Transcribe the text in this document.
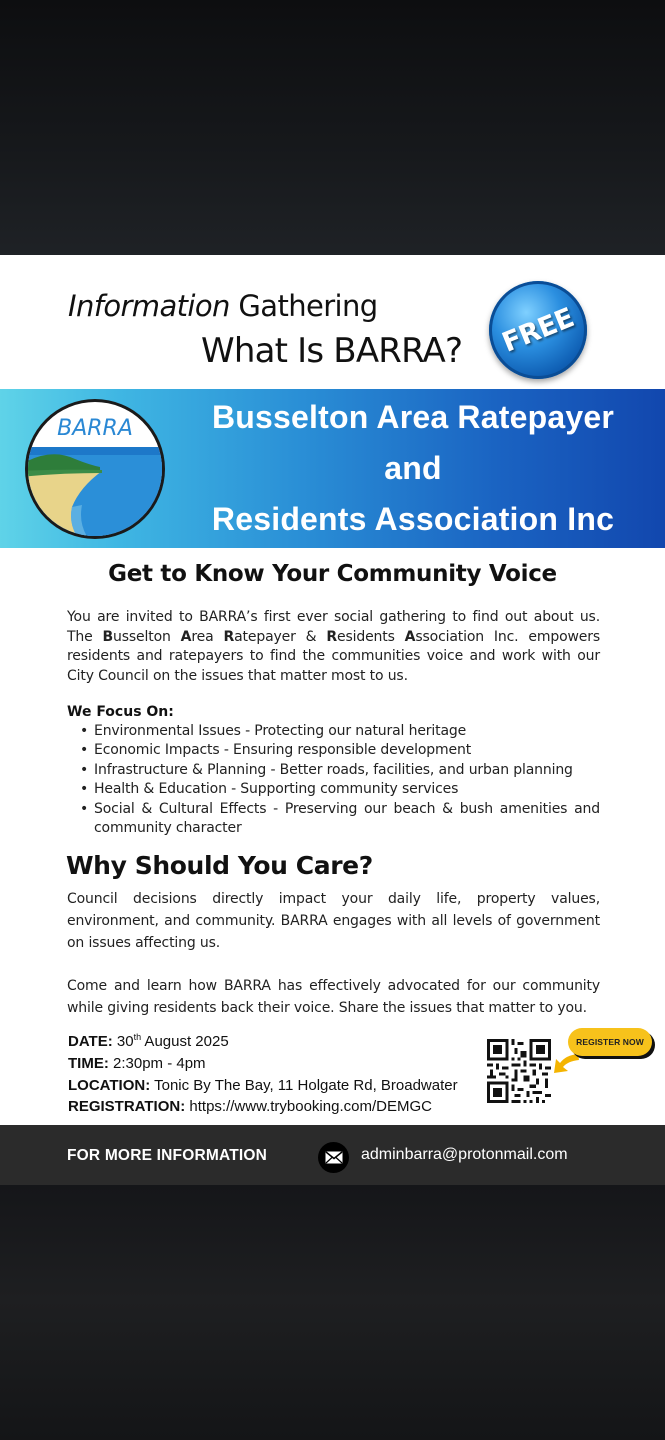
Information Gathering
What Is BARRA? FREE
BARRA	Busselton Area Ratepayer
and
Residents Association Inc
Get to Know Your Community Voice

You are invited to BARRA’s first ever social gathering to find out about us. The Busselton Area Ratepayer & Residents Association Inc. empowers residents and ratepayers to find the communities voice and work with our City Council on the issues that matter most to us.

We Focus On:
• Environmental Issues - Protecting our natural heritage
• Economic Impacts - Ensuring responsible development
• Infrastructure & Planning - Better roads, facilities, and urban planning
• Health & Education - Supporting community services
• Social & Cultural Effects - Preserving our beach & bush amenities and community character
Why Should You Care?

Council decisions directly impact your daily life, property values, environment, and community. BARRA engages with all levels of government on issues affecting us.

Come and learn how BARRA has effectively advocated for our community while giving residents back their voice. Share the issues that matter to you.

DATE: 30th August 2025
TIME: 2:30pm - 4pm
LOCATION: Tonic By The Bay, 11 Holgate Rd, Broadwater
REGISTRATION: https://www.trybooking.com/DEMGC
REGISTER NOW
FOR MORE INFORMATION	adminbarra@protonmail.com
